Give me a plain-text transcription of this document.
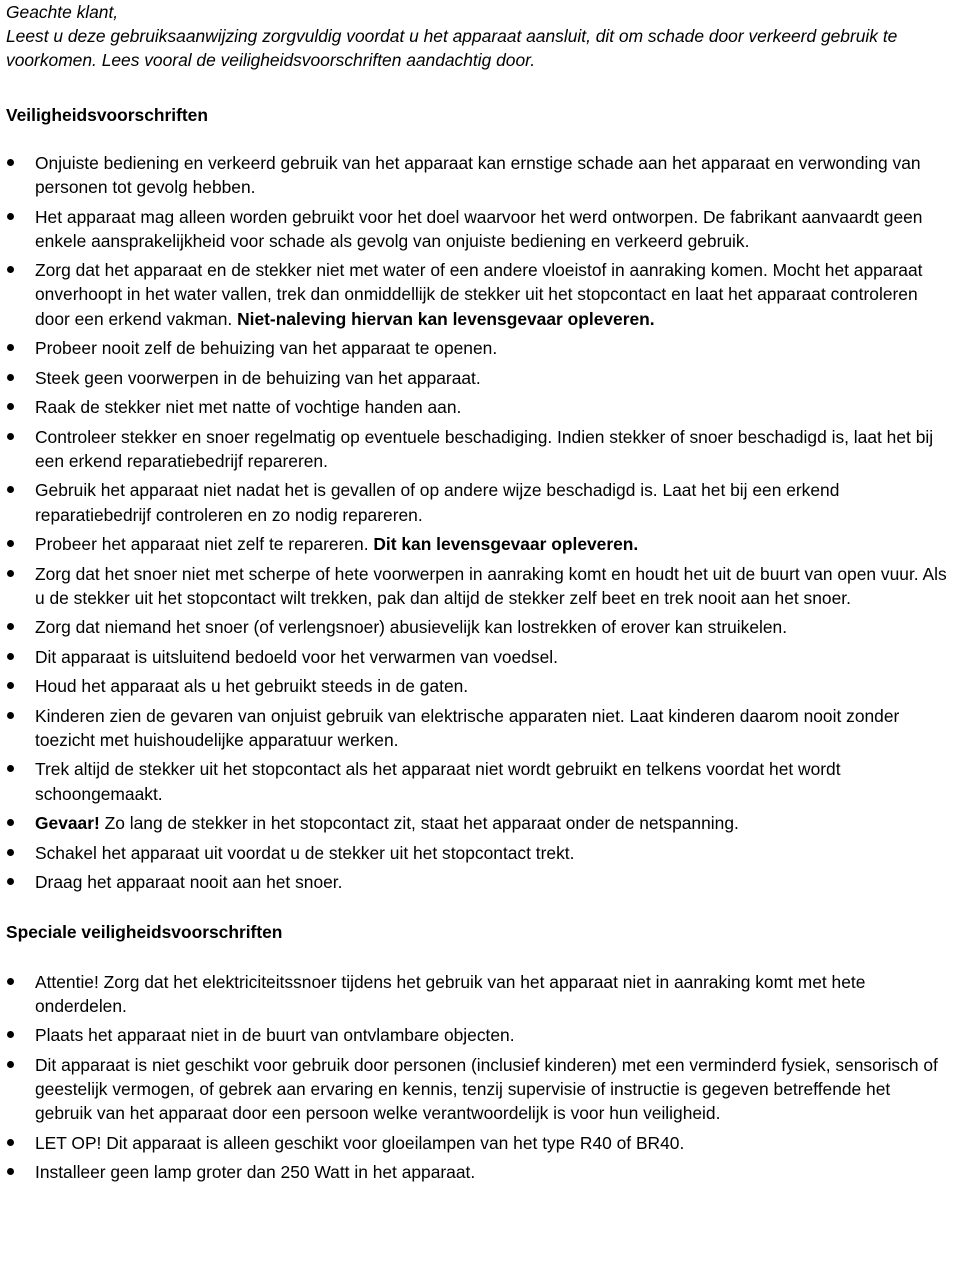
Geachte klant,

Leest u deze gebruiksaanwijzing zorgvuldig voordat u het apparaat aansluit, dit om schade door verkeerd gebruik te voorkomen. Lees vooral de veiligheidsvoorschriften aandachtig door.

Veiligheidsvoorschriften
Onjuiste bediening en verkeerd gebruik van het apparaat kan ernstige schade aan het apparaat en verwonding van personen tot gevolg hebben.
Het apparaat mag alleen worden gebruikt voor het doel waarvoor het werd ontworpen. De fabrikant aanvaardt geen enkele aansprakelijkheid voor schade als gevolg van onjuiste bediening en verkeerd gebruik.
Zorg dat het apparaat en de stekker niet met water of een andere vloeistof in aanraking komen. Mocht het apparaat onverhoopt in het water vallen, trek dan onmiddellijk de stekker uit het stopcontact en laat het apparaat controleren door een erkend vakman. Niet-naleving hiervan kan levensgevaar opleveren.
Probeer nooit zelf de behuizing van het apparaat te openen.
Steek geen voorwerpen in de behuizing van het apparaat.
Raak de stekker niet met natte of vochtige handen aan.
Controleer stekker en snoer regelmatig op eventuele beschadiging. Indien stekker of snoer beschadigd is, laat het bij een erkend reparatiebedrijf repareren.
Gebruik het apparaat niet nadat het is gevallen of op andere wijze beschadigd is. Laat het bij een erkend reparatiebedrijf controleren en zo nodig repareren.
Probeer het apparaat niet zelf te repareren. Dit kan levensgevaar opleveren.
Zorg dat het snoer niet met scherpe of hete voorwerpen in aanraking komt en houdt het uit de buurt van open vuur. Als u de stekker uit het stopcontact wilt trekken, pak dan altijd de stekker zelf beet en trek nooit aan het snoer.
Zorg dat niemand het snoer (of verlengsnoer) abusievelijk kan lostrekken of erover kan struikelen.
Dit apparaat is uitsluitend bedoeld voor het verwarmen van voedsel.
Houd het apparaat als u het gebruikt steeds in de gaten.
Kinderen zien de gevaren van onjuist gebruik van elektrische apparaten niet. Laat kinderen daarom nooit zonder toezicht met huishoudelijke apparatuur werken.
Trek altijd de stekker uit het stopcontact als het apparaat niet wordt gebruikt en telkens voordat het wordt schoongemaakt.
Gevaar! Zo lang de stekker in het stopcontact zit, staat het apparaat onder de netspanning.
Schakel het apparaat uit voordat u de stekker uit het stopcontact trekt.
Draag het apparaat nooit aan het snoer.
Speciale veiligheidsvoorschriften
Attentie! Zorg dat het elektriciteitssnoer tijdens het gebruik van het apparaat niet in aanraking komt met hete onderdelen.
Plaats het apparaat niet in de buurt van ontvlambare objecten.
Dit apparaat is niet geschikt voor gebruik door personen (inclusief kinderen) met een verminderd fysiek, sensorisch of geestelijk vermogen, of gebrek aan ervaring en kennis, tenzij supervisie of instructie is gegeven betreffende het gebruik van het apparaat door een persoon welke verantwoordelijk is voor hun veiligheid.
LET OP! Dit apparaat is alleen geschikt voor gloeilampen van het type R40 of BR40.
Installeer geen lamp groter dan 250 Watt in het apparaat.
